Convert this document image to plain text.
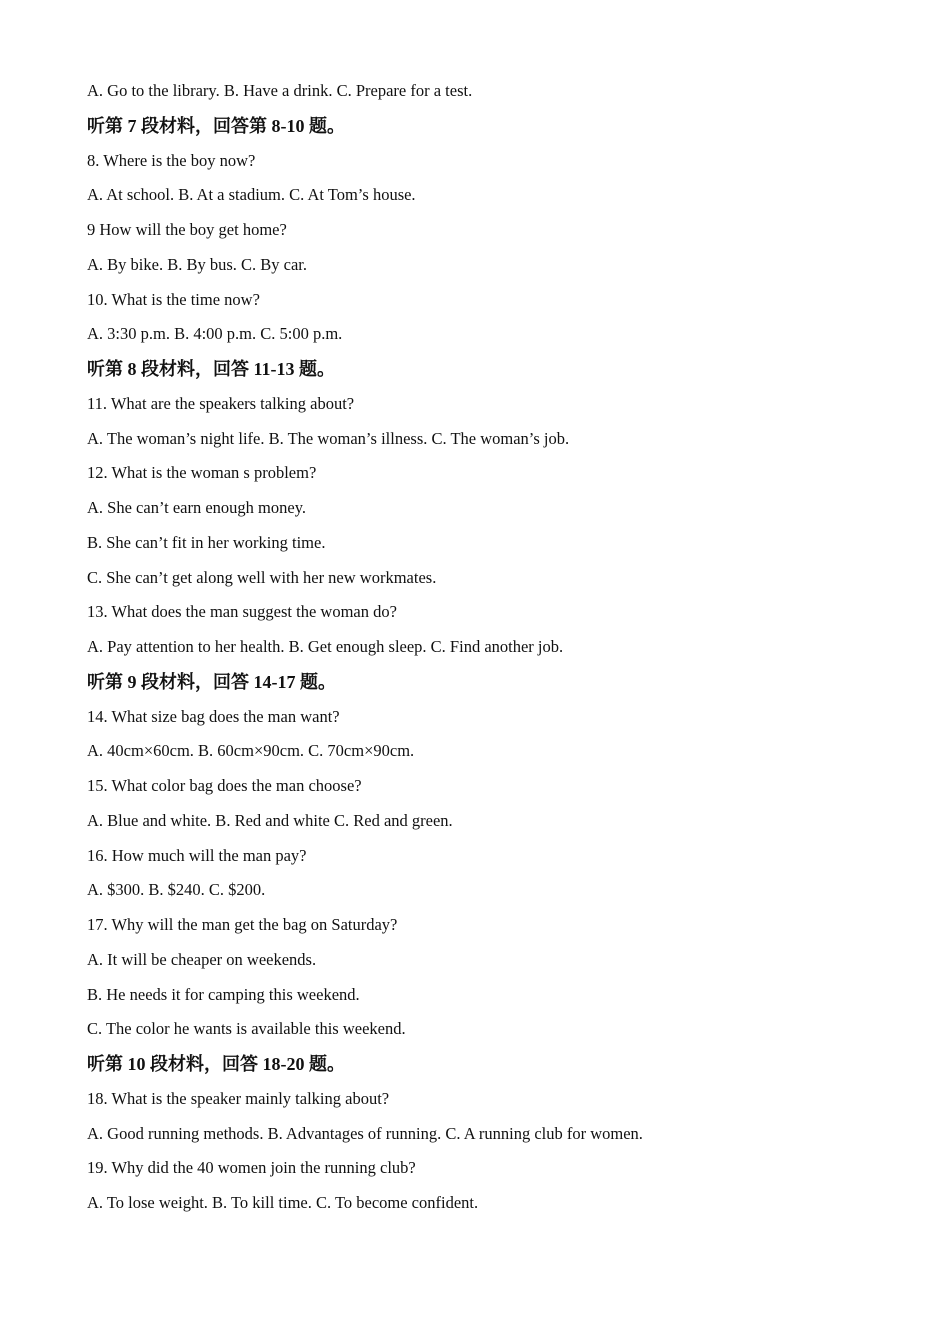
A. Go to the library. B. Have a drink. C. Prepare for a test.
听第 7 段材料，回答第 8-10 题。
8. Where is the boy now?
A. At school. B. At a stadium. C. At Tom’s house.
9 How will the boy get home?
A. By bike. B. By bus. C. By car.
10. What is the time now?
A. 3:30 p.m. B. 4:00 p.m. C. 5:00 p.m.
听第 8 段材料，回答 11-13 题。
11. What are the speakers talking about?
A. The woman’s night life. B. The woman’s illness. C. The woman’s job.
12. What is the woman s problem?
A. She can’t earn enough money.
B. She can’t fit in her working time.
C. She can’t get along well with her new workmates.
13. What does the man suggest the woman do?
A. Pay attention to her health. B. Get enough sleep. C. Find another job.
听第 9 段材料，回答 14-17 题。
14. What size bag does the man want?
A. 40cm×60cm. B. 60cm×90cm. C. 70cm×90cm.
15. What color bag does the man choose?
A. Blue and white. B. Red and white C. Red and green.
16. How much will the man pay?
A. $300. B. $240. C. $200.
17. Why will the man get the bag on Saturday?
A. It will be cheaper on weekends.
B. He needs it for camping this weekend.
C. The color he wants is available this weekend.
听第 10 段材料，回答 18-20 题。
18. What is the speaker mainly talking about?
A. Good running methods. B. Advantages of running. C. A running club for women.
19. Why did the 40 women join the running club?
A. To lose weight. B. To kill time. C. To become confident.
